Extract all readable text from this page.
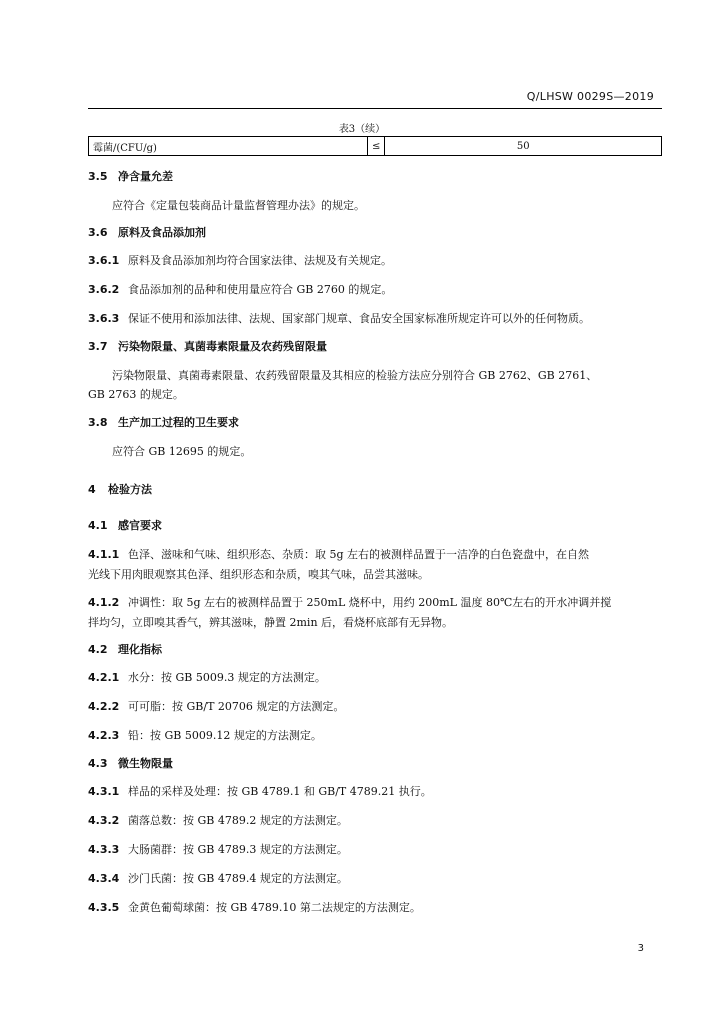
Q/LHSW 0029S—2019
表3（续）
霉菌/(CFU/g)	≤	50
3.5 净含量允差
应符合《定量包装商品计量监督管理办法》的规定。
3.6 原料及食品添加剂
3.6.1 原料及食品添加剂均符合国家法律、法规及有关规定。
3.6.2 食品添加剂的品种和使用量应符合 GB 2760 的规定。
3.6.3 保证不使用和添加法律、法规、国家部门规章、食品安全国家标准所规定许可以外的任何物质。
3.7 污染物限量、真菌毒素限量及农药残留限量
污染物限量、真菌毒素限量、农药残留限量及其相应的检验方法应分别符合 GB 2762、GB 2761、
GB 2763 的规定。
3.8 生产加工过程的卫生要求
应符合 GB 12695 的规定。
4 检验方法
4.1 感官要求
4.1.1 色泽、滋味和气味、组织形态、杂质：取 5g 左右的被测样品置于一洁净的白色瓷盘中，在自然
光线下用肉眼观察其色泽、组织形态和杂质，嗅其气味，品尝其滋味。
4.1.2 冲调性：取 5g 左右的被测样品置于 250mL 烧杯中，用约 200mL 温度 80℃左右的开水冲调并搅
拌均匀，立即嗅其香气，辨其滋味，静置 2min 后，看烧杯底部有无异物。
4.2 理化指标
4.2.1 水分：按 GB 5009.3 规定的方法测定。
4.2.2 可可脂：按 GB/T 20706 规定的方法测定。
4.2.3 铅：按 GB 5009.12 规定的方法测定。
4.3 微生物限量
4.3.1 样品的采样及处理：按 GB 4789.1 和 GB/T 4789.21 执行。
4.3.2 菌落总数：按 GB 4789.2 规定的方法测定。
4.3.3 大肠菌群：按 GB 4789.3 规定的方法测定。
4.3.4 沙门氏菌：按 GB 4789.4 规定的方法测定。
4.3.5 金黄色葡萄球菌：按 GB 4789.10 第二法规定的方法测定。
3
